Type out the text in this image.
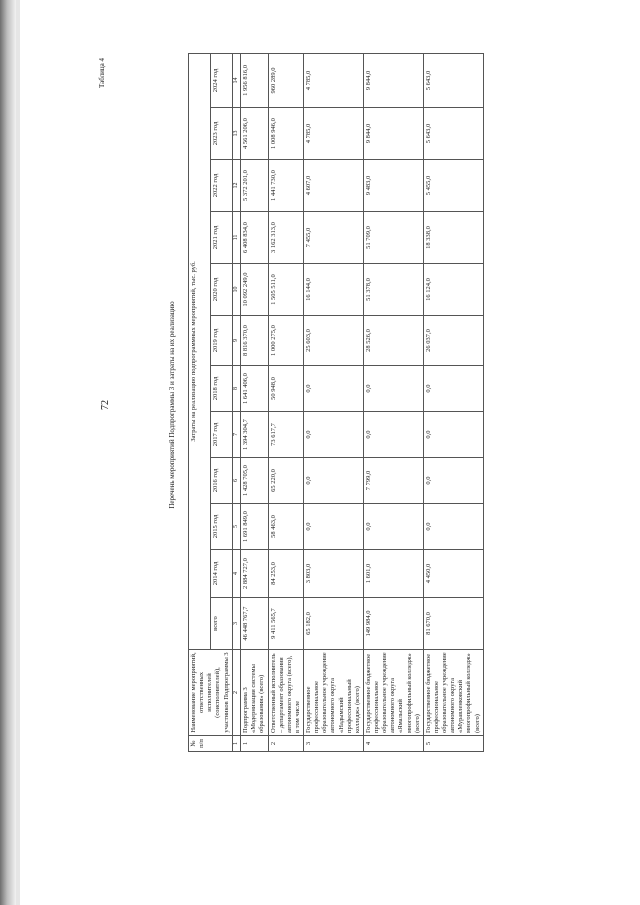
72
Таблица 4
Перечень мероприятий Подпрограммы 3 и затраты на их реализацию
№ п/п	Наименование мероприятий, ответственных исполнителей (соисполнителей), участников Подпрограммы 3	Затраты на реализацию подпрограммных мероприятий, тыс. руб.											
		всего	2014 год	2015 год	2016 год	2017 год	2018 год	2019 год	2020 год	2021 год	2022 год	2023 год	2024 год
1	2	3	4	5	6	7	8	9	10	11	12	13	14
1	Подпрограмма 3 «Модернизация системы образования» (всего)	46 448 767,7	2 884 727,0	1 691 849,0	1 428 705,0	1 394 304,7	1 641 406,0	8 816 370,0	10 092 249,0	6 408 834,0	5 372 201,0	4 561 206,0	1 956 816,0
2	Ответственный исполнитель – департамент образования автономного округа (всего), в том числе	9 411 565,7	84 253,0	58 463,0	65 220,0	73 617,7	50 948,0	1 000 275,0	1 505 511,0	3 162 313,0	1 441 730,0	1 008 946,0	960 289,0
3	Государственное профессиональное образовательное учреждение автономного округа «Надымский профессиональный колледж» (всего)	65 182,0	3 803,0	0,0	0,0	0,0	0,0	25 603,0	16 144,0	7 455,0	4 607,0	4 785,0	4 785,0
4	Государственное бюджетное профессиональное образовательное учреждение автономного округа «Ямальский многопрофильный колледж» (всего)	149 984,0	1 601,0	0,0	7 799,0	0,0	0,0	28 526,0	51 378,0	51 709,0	9 483,0	9 844,0	9 844,0
5	Государственное бюджетное профессиональное образовательное учреждение автономного округа «Муравленковский многопрофильный колледж» (всего)	81 670,0	4 450,0	0,0	0,0	0,0	0,0	26 037,0	16 124,0	18 338,0	5 455,0	5 643,0	5 643,0
